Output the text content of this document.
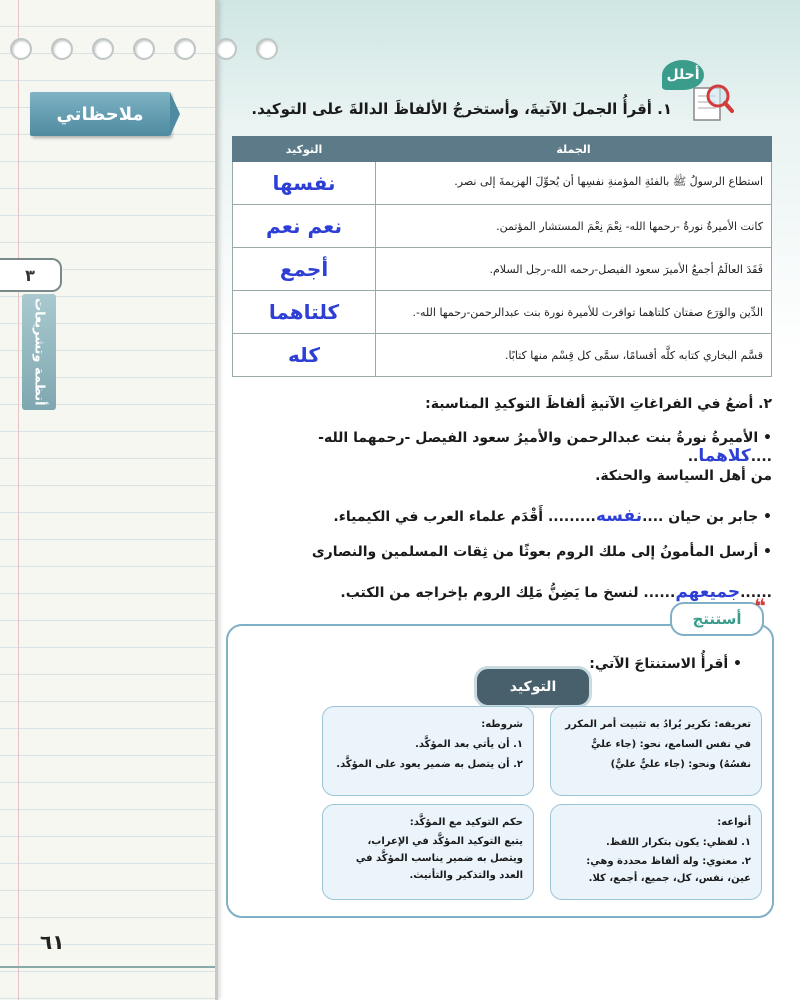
ملاحظاتي
٣
أنظمة وتشريعات
٦١
أحلل
١. أقرأُ الجملَ الآتيةَ، وأستخرجُ الألفاظَ الدالةَ على التوكيد.
الجملة	التوكيد
استطاع الرسولُ ﷺ بالفئةِ المؤمنةِ نفسِها أن يُحوِّلَ الهزيمةَ إلى نصر.	نفسها
كانت الأميرةُ نورةُ -رحمها الله- نِعْمَ نِعْمَ المستشار المؤتمن.	نعم نعم
فَقَدَ العالَمُ أجمعُ الأميرَ سعود الفيصل-رحمه الله-رجل السلام.	أجمع
الدِّين والوَرَع صفتان كلتاهما توافرت للأميرة نورة بنت عبدالرحمن-رحمها الله-.	كلتاهما
قسَّم البخاري كتابه كلَّه أقسامًا، سمَّى كل قِسْم منها كتابًا.	كله
٢. أضعُ في الفراغاتِ الآتيةِ ألفاظَ التوكيدِ المناسبة:
• الأميرةُ نورةُ بنت عبدالرحمن والأميرُ سعود الفيصل -رحمهما الله- ....كلاهما..
من أهل السياسة والحنكة.
• جابر بن حيان ....نفسه......... أَقْدَم علماء العرب في الكيمياء.
• أرسل المأمونُ إلى ملك الروم بعوثًا من ثِقات المسلمين والنصارى
......جميعهم...... لنسخ ما يَضِنُّ مَلِك الروم بإخراجه من الكتب.
❝
أستنتج
• أقرأُ الاستنتاجَ الآتي:
التوكيد
تعريفه: تكرير يُرادُ به تثبيت أمر المكرر في نفس السامع، نحو: (جاء عليٌّ نفسُهُ) ونحو: (جاء عليٌّ عليٌّ)
شروطه:
١. أن يأتي بعد المؤكَّد.
٢. أن يتصل به ضمير يعود على المؤكَّد.
أنواعه:
١. لفظي: يكون بتكرار اللفظ.
٢. معنوي: وله ألفاظ محددة وهي: عين، نفس، كل، جميع، أجمع، كلا.
حكم التوكيد مع المؤكَّد:
يتبع التوكيد المؤكَّد في الإعراب، ويتصل به ضمير يناسب المؤكَّد في العدد والتذكير والتأنيث.
